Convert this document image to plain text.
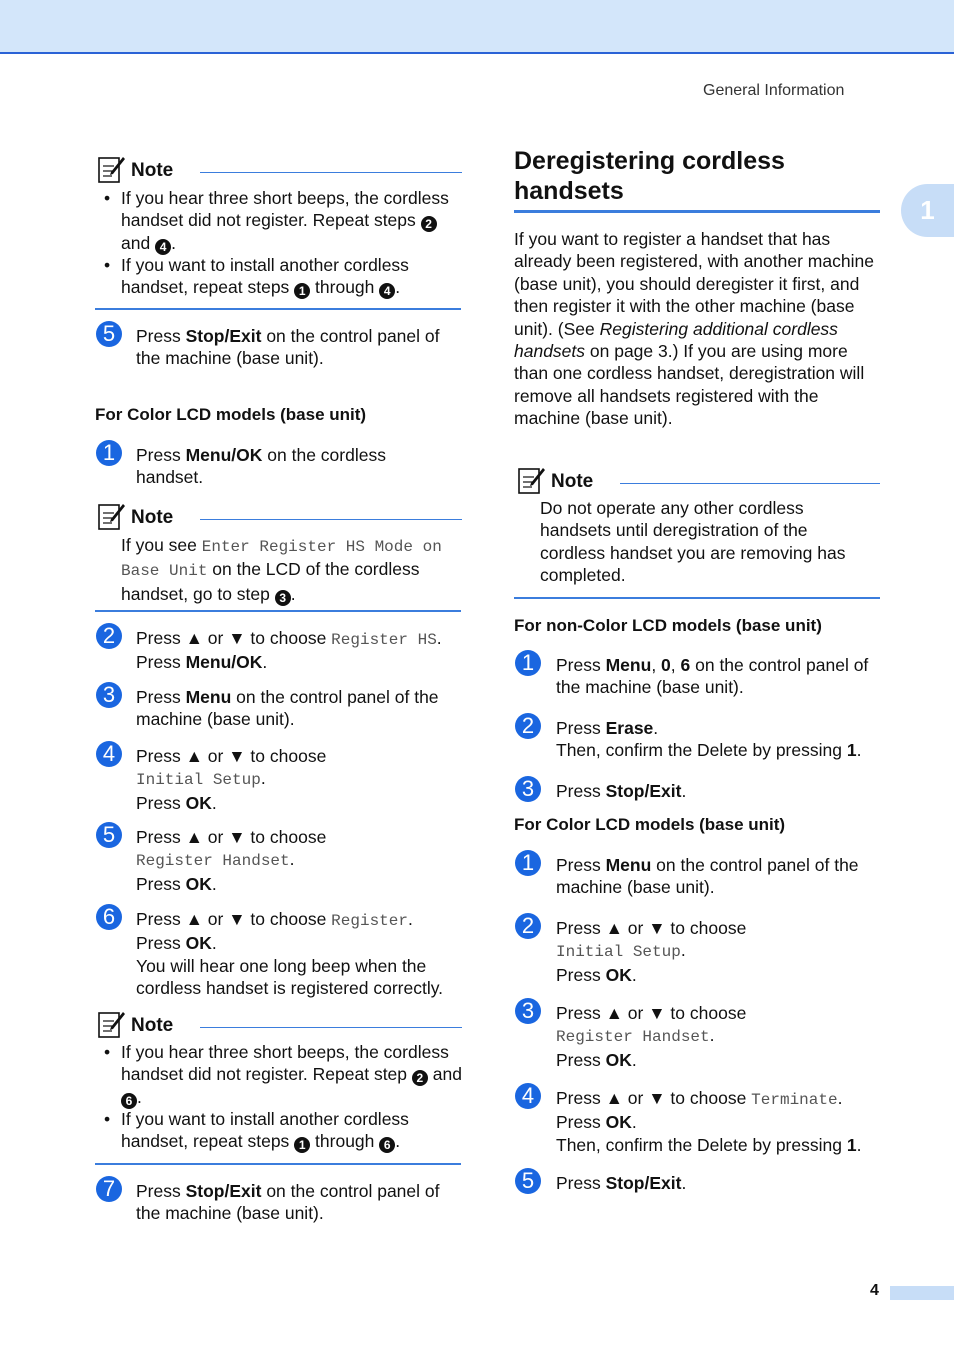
General Information
1
4
Note
• If you hear three short beeps, the cordless handset did not register. Repeat steps 2 and 4 .
• If you want to install another cordless handset, repeat steps 1 through 4 .
5	Press Stop/Exit on the control panel of the machine (base unit).
For Color LCD models (base unit)
1	Press Menu/OK on the cordless handset.
Note
If you see Enter Register HS Mode on Base Unit on the LCD of the cordless handset, go to step 3 .
2	Press ▲ or ▼ to choose Register HS.
Press Menu/OK.
3	Press Menu on the control panel of the machine (base unit).
4	Press ▲ or ▼ to choose
Initial Setup.
Press OK.
5	Press ▲ or ▼ to choose
Register Handset.
Press OK.
6	Press ▲ or ▼ to choose Register.
Press OK.
You will hear one long beep when the cordless handset is registered correctly.
Note
• If you hear three short beeps, the cordless handset did not register. Repeat step 2 and 6 .
• If you want to install another cordless handset, repeat steps 1 through 6 .
7	Press Stop/Exit on the control panel of the machine (base unit).
Deregistering cordless handsets
If you want to register a handset that has already been registered, with another machine (base unit), you should deregister it first, and then register it with the other machine (base unit). (See Registering additional cordless handsets on page 3.) If you are using more than one cordless handset, deregistration will remove all handsets registered with the machine (base unit).
Note
Do not operate any other cordless handsets until deregistration of the cordless handset you are removing has completed.
For non-Color LCD models (base unit)
1	Press Menu, 0, 6 on the control panel of the machine (base unit).
2	Press Erase.
Then, confirm the Delete by pressing 1.
3	Press Stop/Exit.
For Color LCD models (base unit)
1	Press Menu on the control panel of the machine (base unit).
2	Press ▲ or ▼ to choose
Initial Setup.
Press OK.
3	Press ▲ or ▼ to choose
Register Handset.
Press OK.
4	Press ▲ or ▼ to choose Terminate.
Press OK.
Then, confirm the Delete by pressing 1.
5	Press Stop/Exit.
